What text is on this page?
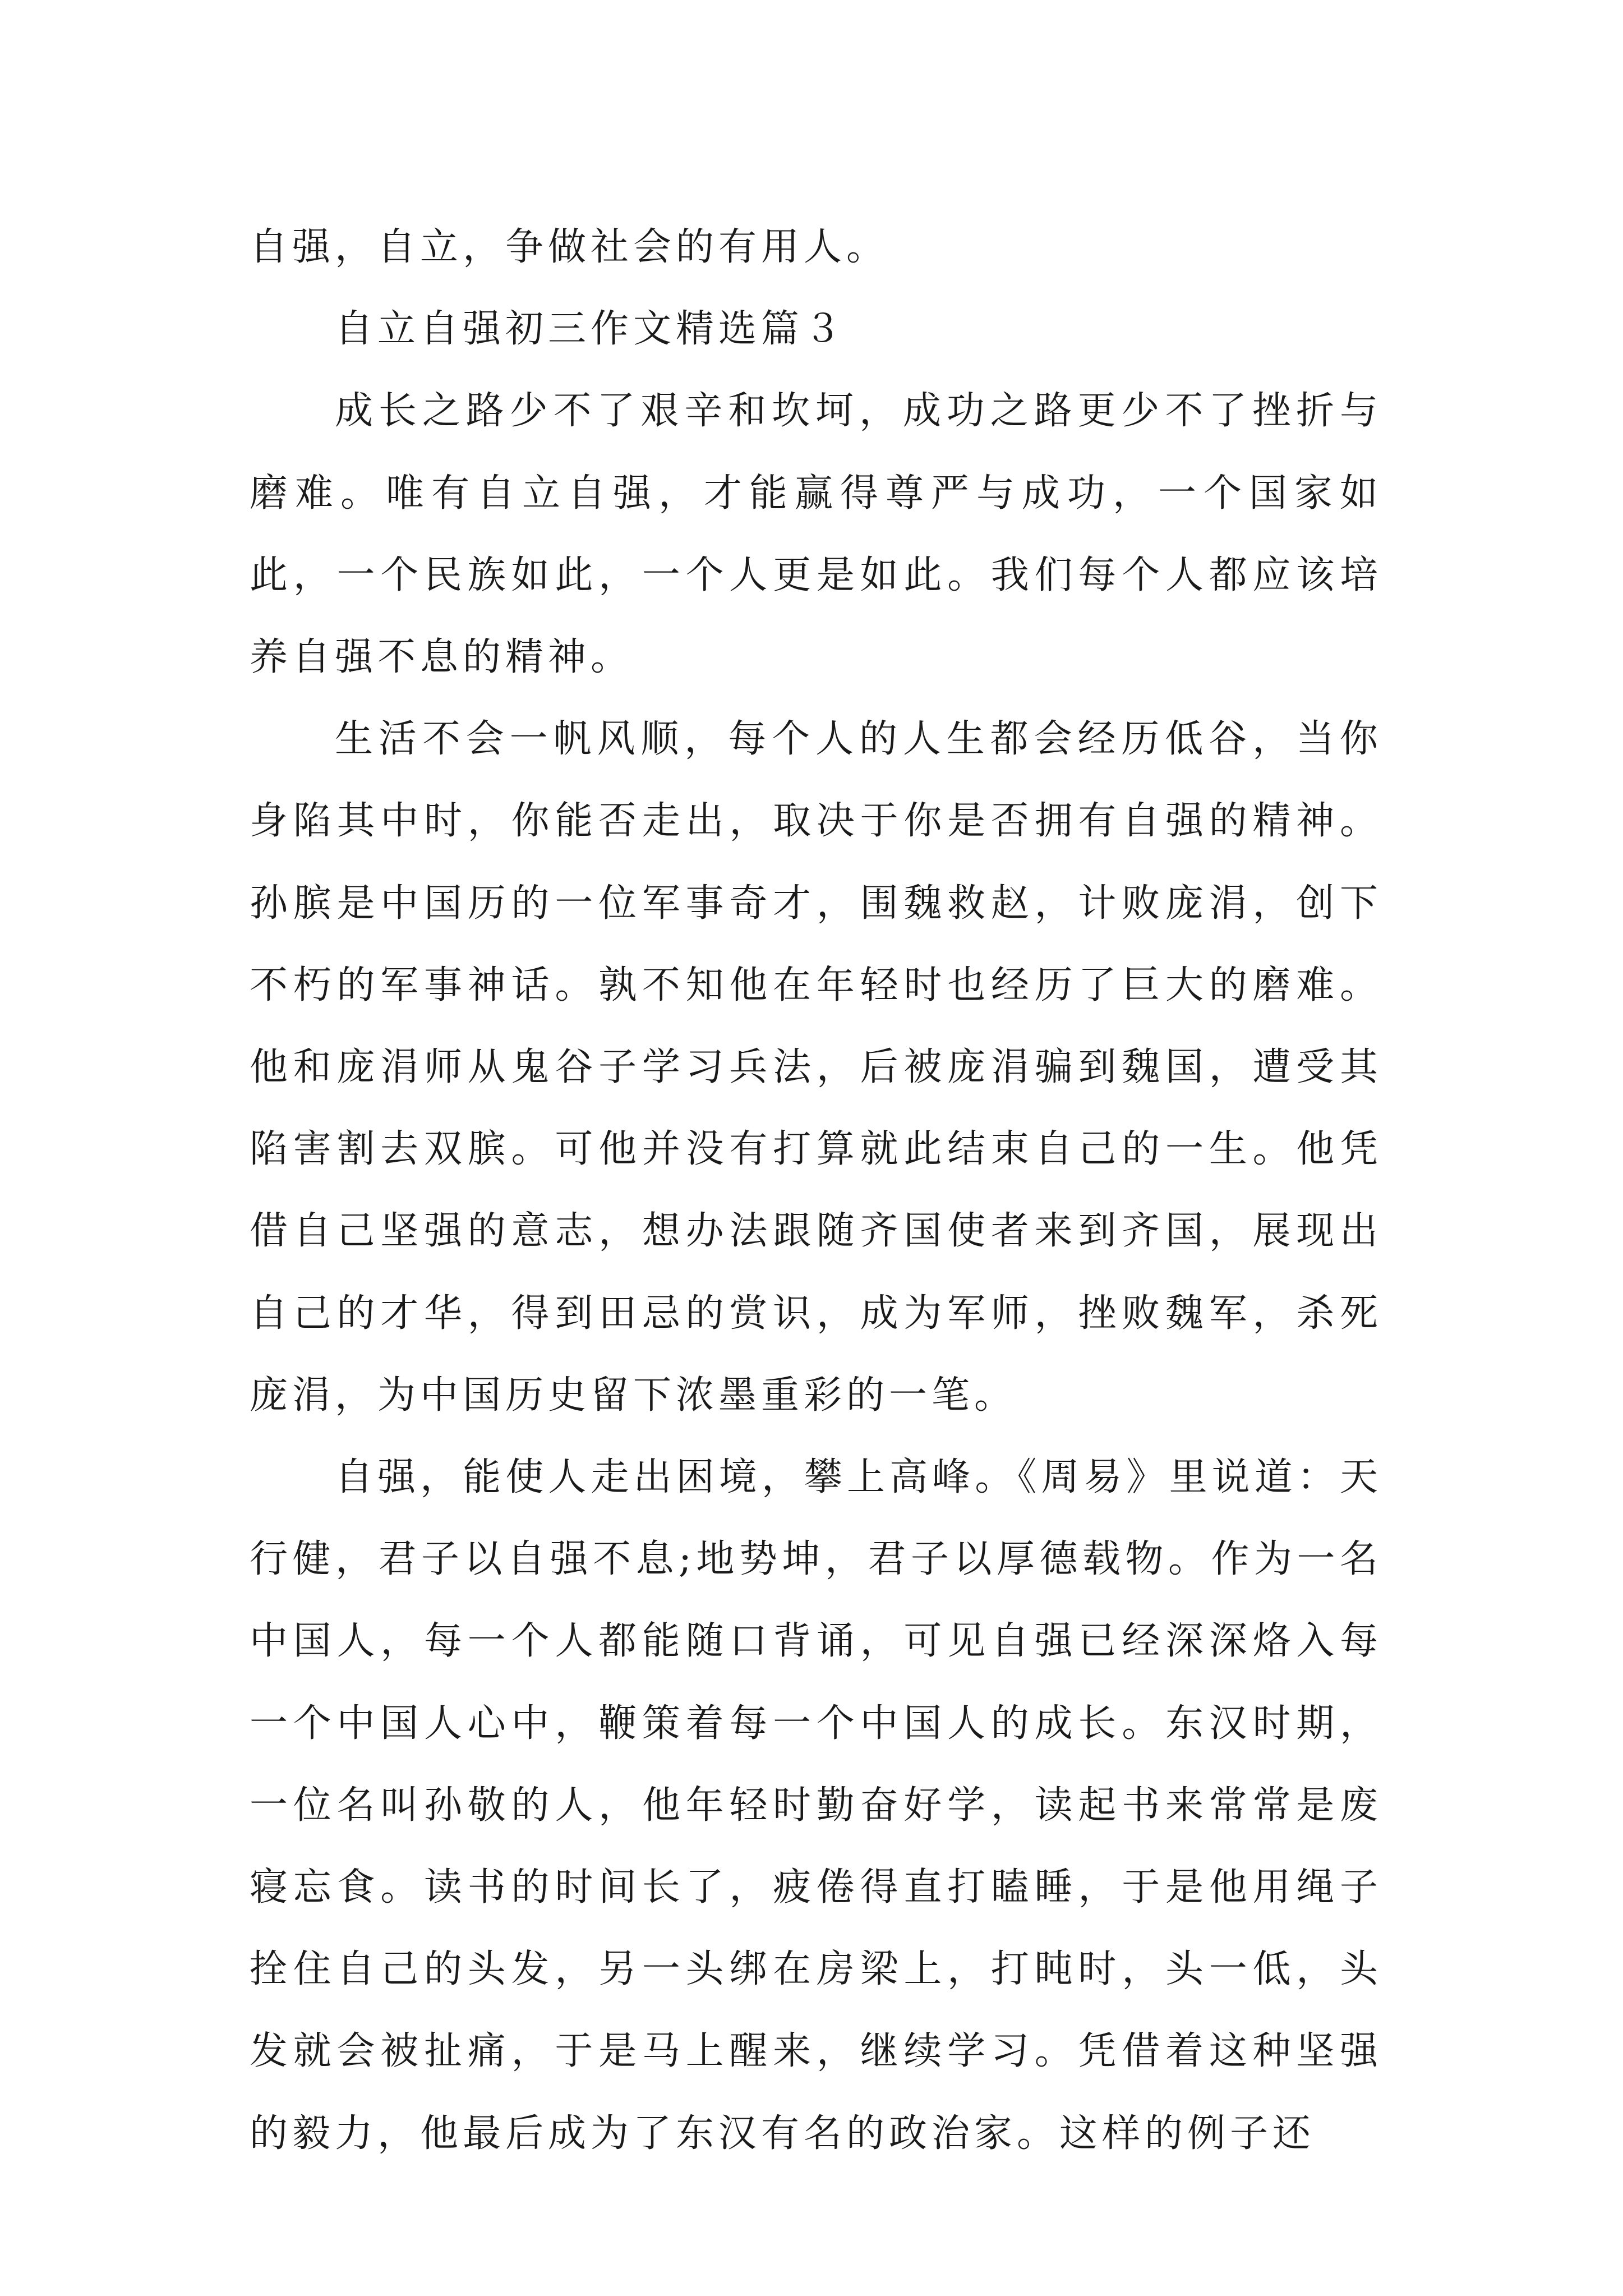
自强，自立，争做社会的有用人。

自立自强初三作文精选篇３

成长之路少不了艰辛和坎坷，成功之路更少不了挫折与磨难。唯有自立自强，才能赢得尊严与成功，一个国家如此，一个民族如此，一个人更是如此。我们每个人都应该培养自强不息的精神。

生活不会一帆风顺，每个人的人生都会经历低谷，当你身陷其中时，你能否走出，取决于你是否拥有自强的精神。孙膑是中国历的一位军事奇才，围魏救赵，计败庞涓，创下不朽的军事神话。孰不知他在年轻时也经历了巨大的磨难。他和庞涓师从鬼谷子学习兵法，后被庞涓骗到魏国，遭受其陷害割去双膑。可他并没有打算就此结束自己的一生。他凭借自己坚强的意志，想办法跟随齐国使者来到齐国，展现出自己的才华，得到田忌的赏识，成为军师，挫败魏军，杀死庞涓，为中国历史留下浓墨重彩的一笔。

自强，能使人走出困境，攀上高峰。《周易》里说道：天行健，君子以自强不息;地势坤，君子以厚德载物。作为一名中国人，每一个人都能随口背诵，可见自强已经深深烙入每一个中国人心中，鞭策着每一个中国人的成长。东汉时期，一位名叫孙敬的人，他年轻时勤奋好学，读起书来常常是废寝忘食。读书的时间长了，疲倦得直打瞌睡，于是他用绳子拴住自己的头发，另一头绑在房梁上，打盹时，头一低，头发就会被扯痛，于是马上醒来，继续学习。凭借着这种坚强的毅力，他最后成为了东汉有名的政治家。这样的例子还
